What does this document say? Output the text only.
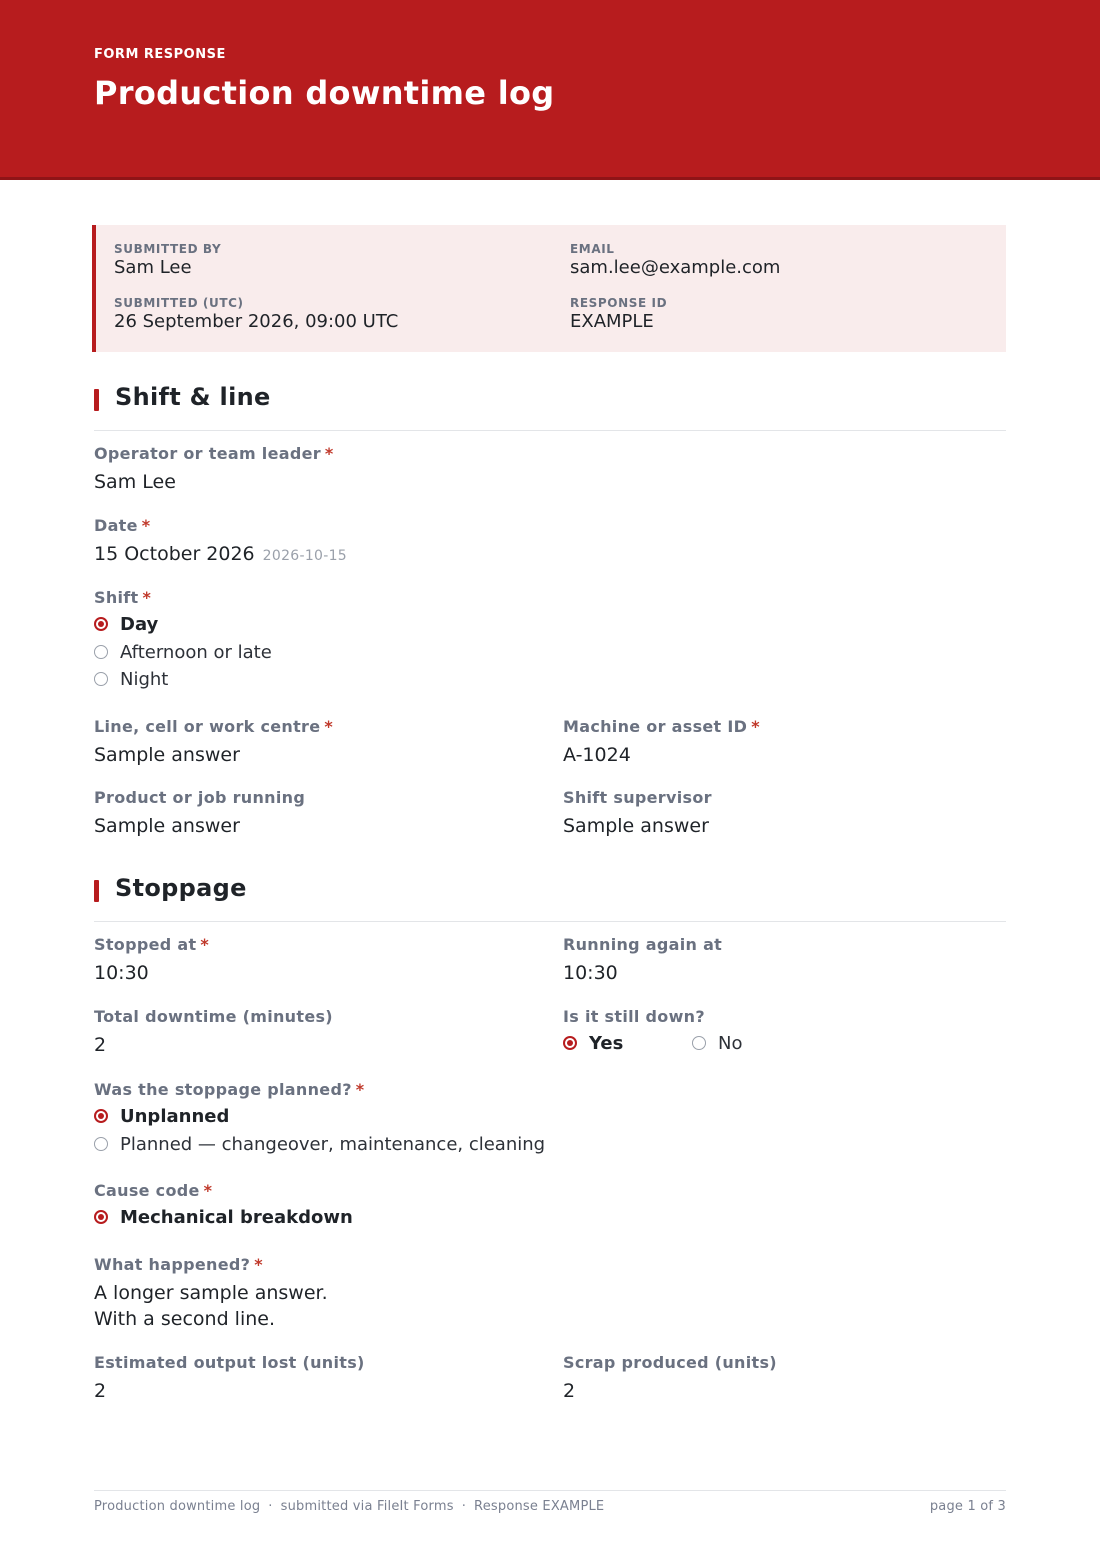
FORM RESPONSE
Production downtime log
SUBMITTED BY
Sam Lee
EMAIL
sam.lee@example.com
SUBMITTED (UTC)
26 September 2026, 09:00 UTC
RESPONSE ID
EXAMPLE
Shift & line
Operator or team leader *
Sam Lee
Date *
15 October 2026 2026-10-15
Shift *
Day
Afternoon or late
Night
Line, cell or work centre *
Sample answer
Machine or asset ID *
A-1024
Product or job running
Sample answer
Shift supervisor
Sample answer
Stoppage
Stopped at *
10:30
Running again at
10:30
Total downtime (minutes)
2
Is it still down?
Yes	No
Was the stoppage planned? *
Unplanned
Planned — changeover, maintenance, cleaning
Cause code *
Mechanical breakdown
What happened? *
A longer sample answer.
With a second line.
Estimated output lost (units)
2
Scrap produced (units)
2
Production downtime log · submitted via FileIt Forms · Response EXAMPLE	page 1 of 3
